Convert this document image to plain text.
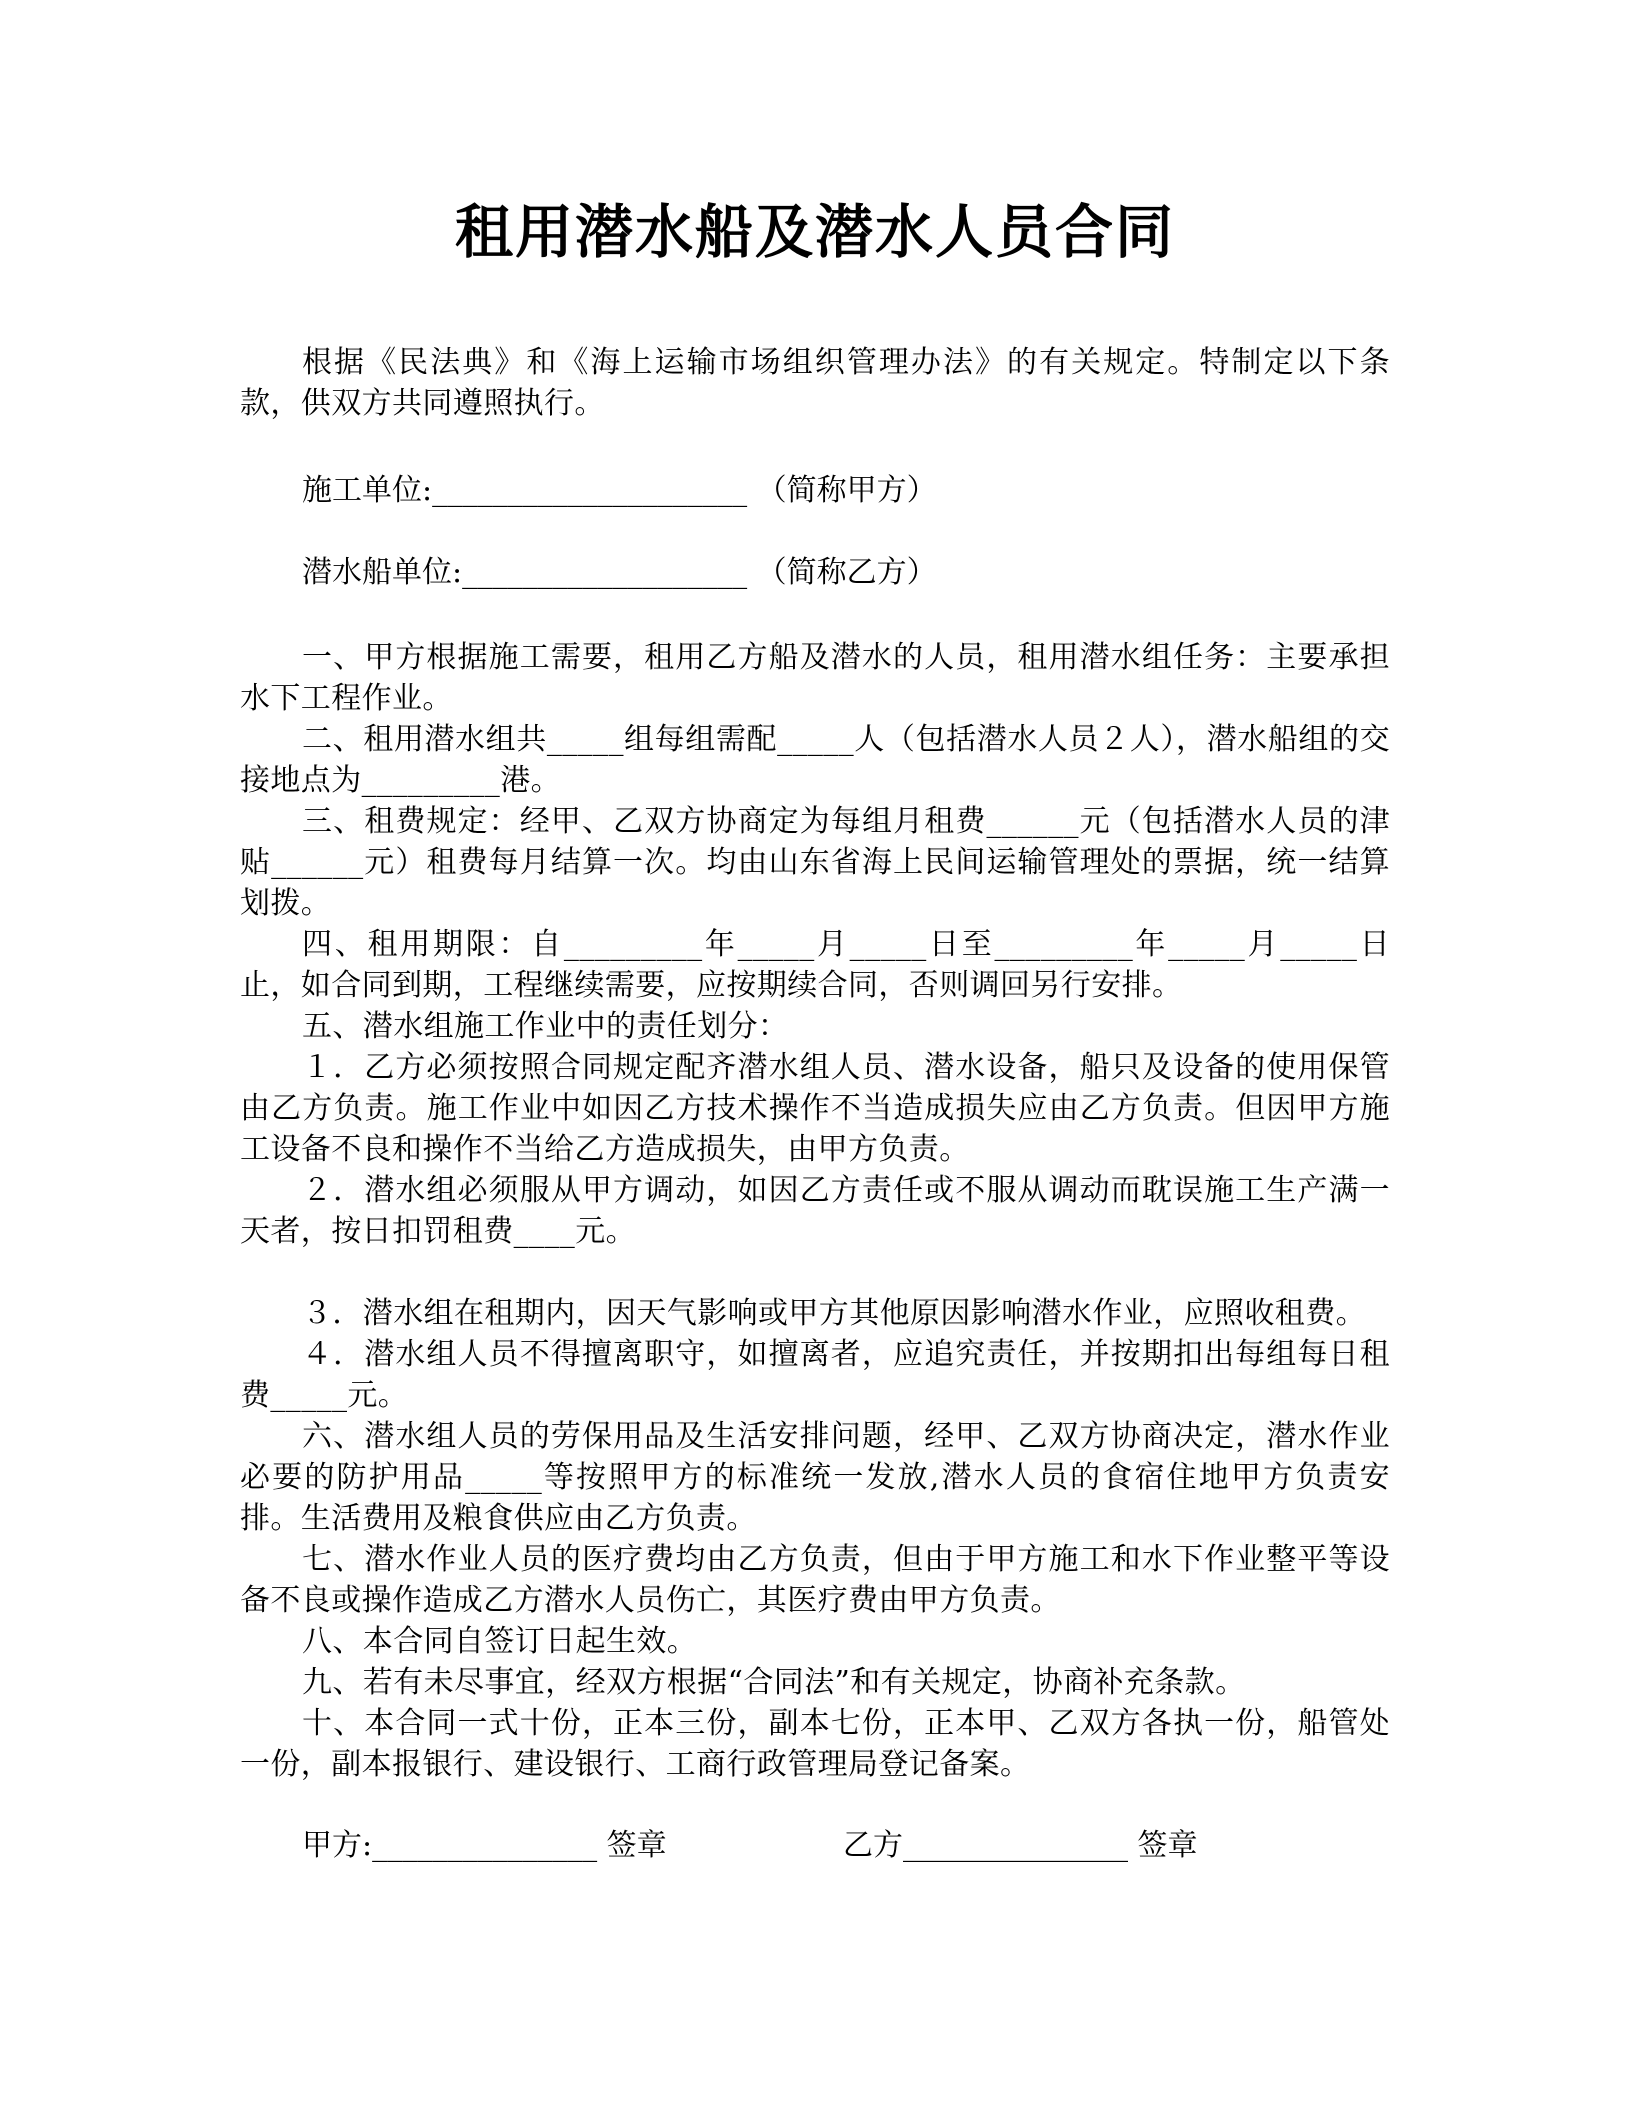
租用潜水船及潜水人员合同

根据《民法典》和《海上运输市场组织管理办法》的有关规定。特制定以下条款，供双方共同遵照执行。

施工单位:_____________________ （简称甲方）
潜水船单位:___________________ （简称乙方）

一、甲方根据施工需要，租用乙方船及潜水的人员，租用潜水组任务：主要承担水下工程作业。

二、租用潜水组共_____组每组需配_____人（包括潜水人员２人），潜水船组的交接地点为_________港。

三、租费规定：经甲、乙双方协商定为每组月租费______元（包括潜水人员的津贴______元）租费每月结算一次。均由山东省海上民间运输管理处的票据，统一结算划拨。

四、租用期限：自_________年_____月_____日至_________年_____月_____日止，如合同到期，工程继续需要，应按期续合同，否则调回另行安排。

五、潜水组施工作业中的责任划分：

１．乙方必须按照合同规定配齐潜水组人员、潜水设备，船只及设备的使用保管由乙方负责。施工作业中如因乙方技术操作不当造成损失应由乙方负责。但因甲方施工设备不良和操作不当给乙方造成损失，由甲方负责。

２．潜水组必须服从甲方调动，如因乙方责任或不服从调动而耽误施工生产满一天者，按日扣罚租费____元。

３．潜水组在租期内，因天气影响或甲方其他原因影响潜水作业，应照收租费。

４．潜水组人员不得擅离职守，如擅离者，应追究责任，并按期扣出每组每日租费_____元。

六、潜水组人员的劳保用品及生活安排问题，经甲、乙双方协商决定，潜水作业必要的防护用品_____等按照甲方的标准统一发放,潜水人员的食宿住地甲方负责安排。生活费用及粮食供应由乙方负责。

七、潜水作业人员的医疗费均由乙方负责，但由于甲方施工和水下作业整平等设备不良或操作造成乙方潜水人员伤亡，其医疗费由甲方负责。

八、本合同自签订日起生效。

九、若有未尽事宜，经双方根据“合同法”和有关规定，协商补充条款。

十、本合同一式十份，正本三份，副本七份，正本甲、乙双方各执一份，船管处一份，副本报银行、建设银行、工商行政管理局登记备案。

甲方:_______________ 签章	乙方_______________ 签章
